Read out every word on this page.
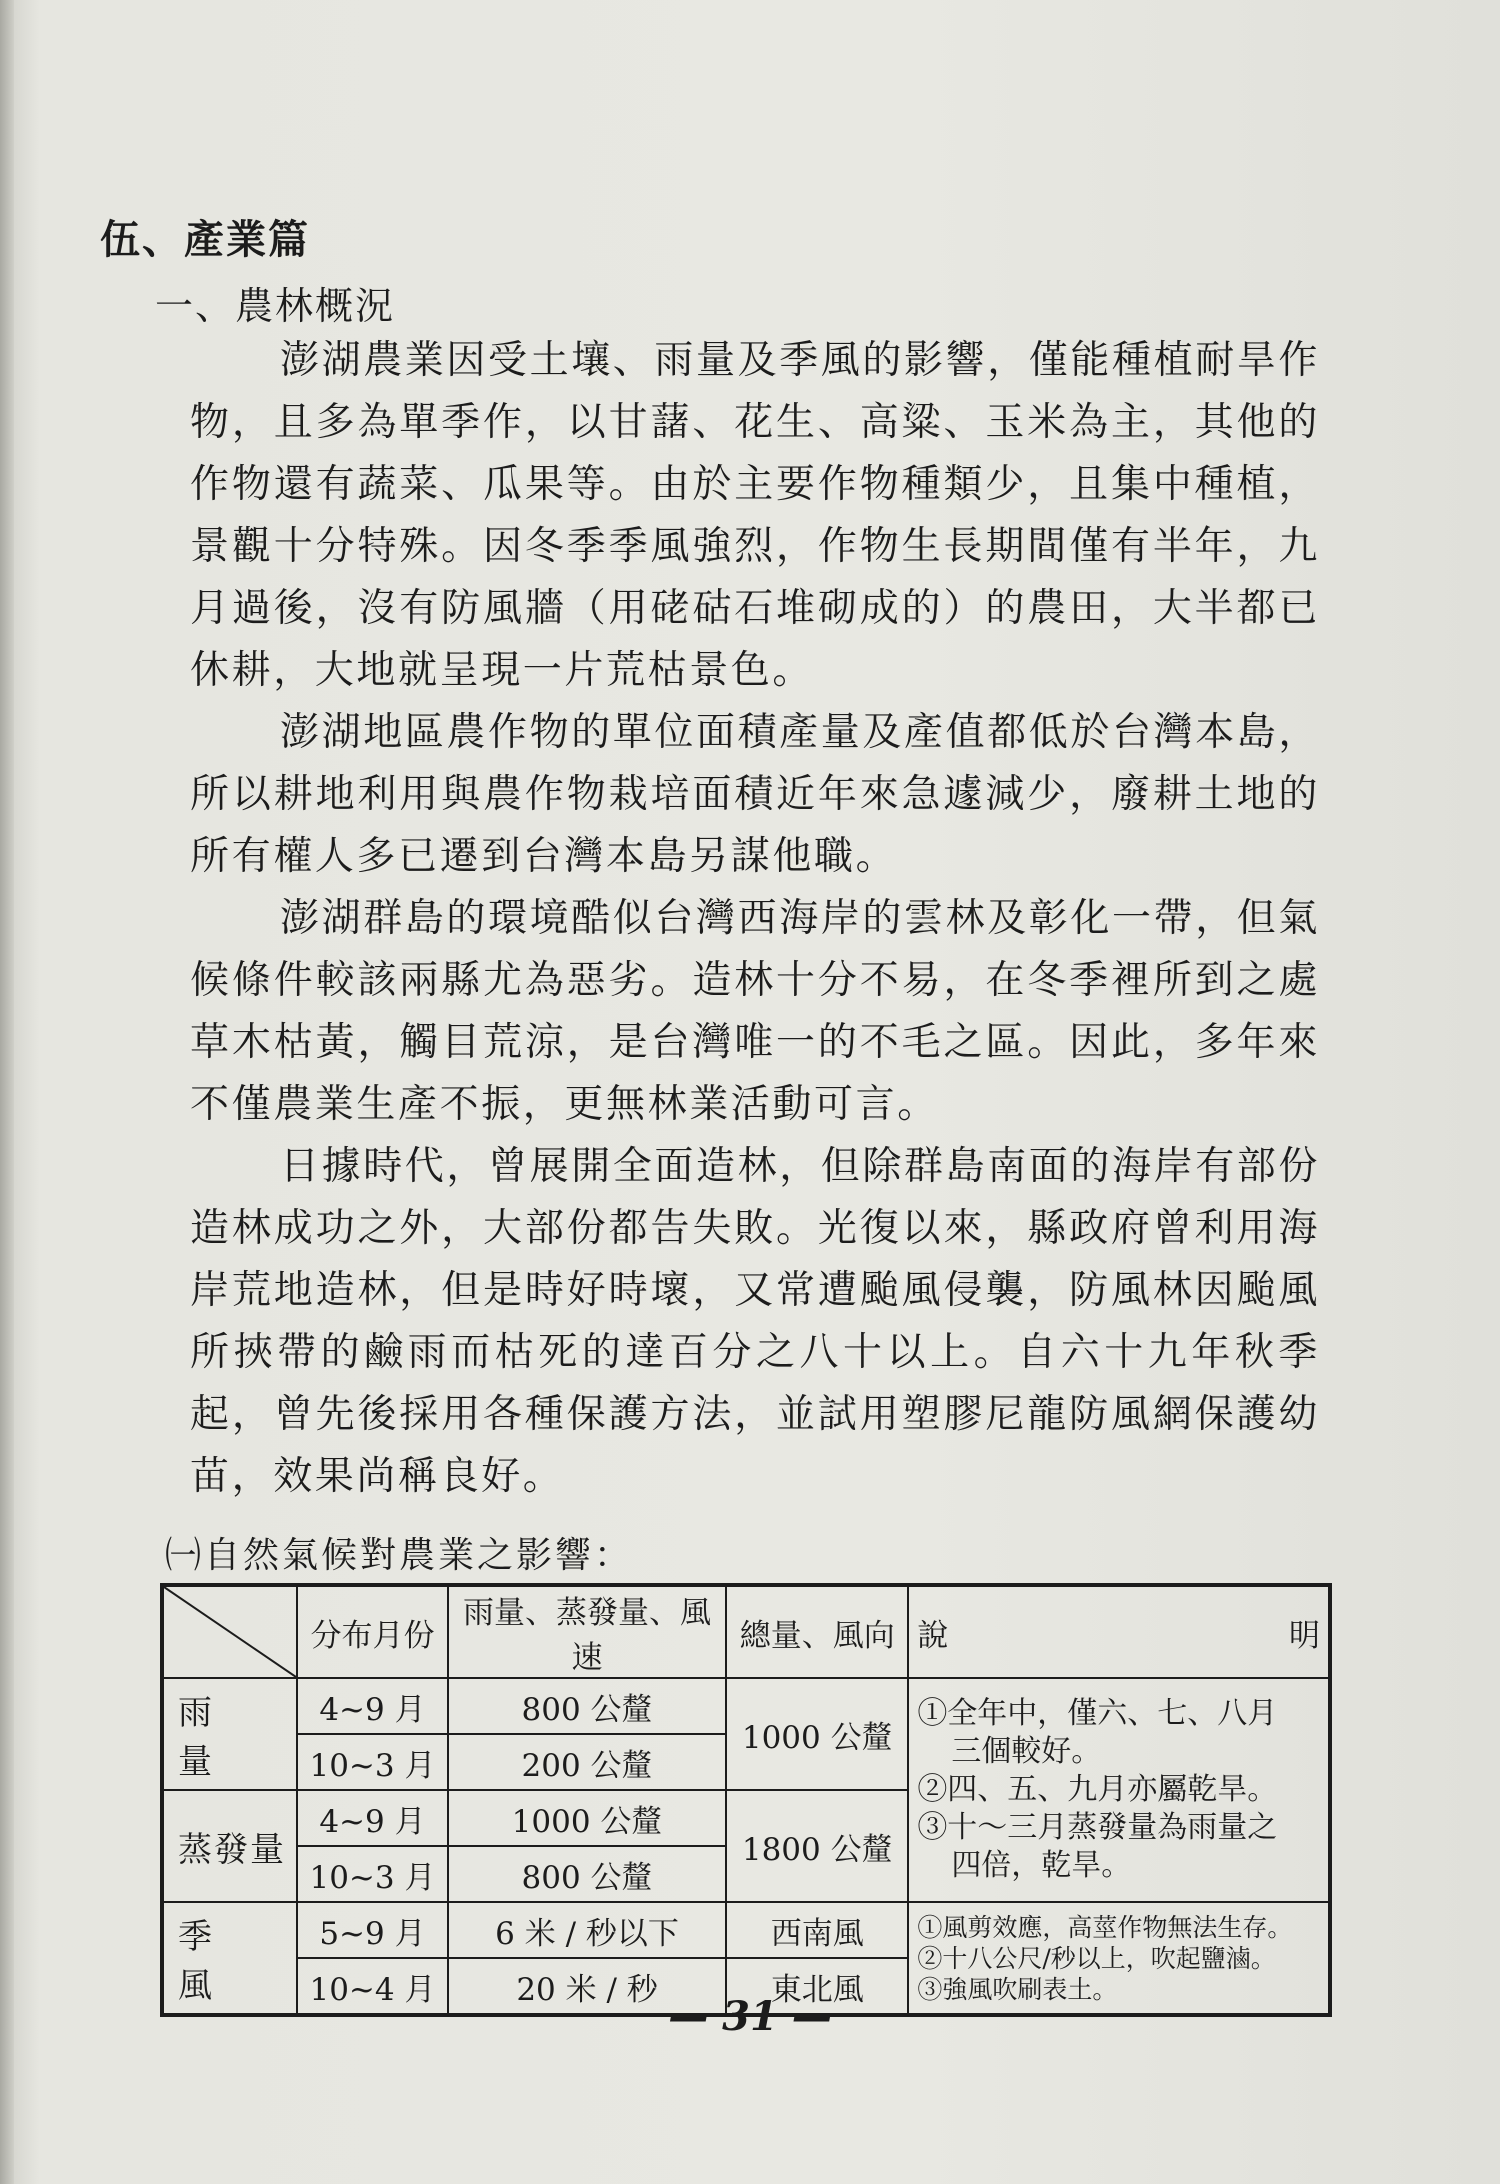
伍、產業篇
一、農林概況

澎湖農業因受土壤、雨量及季風的影響，僅能種植耐旱作物，且多為單季作，以甘藷、花生、高粱、玉米為主，其他的作物還有蔬菜、瓜果等。由於主要作物種類少，且集中種植，景觀十分特殊。因冬季季風強烈，作物生長期間僅有半年，九月過後，沒有防風牆（用硓𥑮石堆砌成的）的農田，大半都已休耕，大地就呈現一片荒枯景色。

澎湖地區農作物的單位面積產量及產值都低於台灣本島，所以耕地利用與農作物栽培面積近年來急遽減少，廢耕土地的所有權人多已遷到台灣本島另謀他職。

澎湖群島的環境酷似台灣西海岸的雲林及彰化一帶，但氣候條件較該兩縣尤為惡劣。造林十分不易，在冬季裡所到之處草木枯黃，觸目荒涼，是台灣唯一的不毛之區。因此，多年來不僅農業生產不振，更無林業活動可言。

日據時代，曾展開全面造林，但除群島南面的海岸有部份造林成功之外，大部份都告失敗。光復以來，縣政府曾利用海岸荒地造林，但是時好時壞，又常遭颱風侵襲，防風林因颱風所挾帶的鹼雨而枯死的達百分之八十以上。自六十九年秋季起，曾先後採用各種保護方法，並試用塑膠尼龍防風網保護幼苗，效果尚稱良好。

㈠自然氣候對農業之影響：
	分布月份	雨量、蒸發量、風速	總量、風向	說 明

雨　量	4~9 月	800 公釐	1000 公釐	①全年中，僅六、七、八月
三個較好。
②四、五、九月亦屬乾旱。
③十～三月蒸發量為雨量之
四倍，乾旱。

	10~3 月	200 公釐		
蒸發量	4~9 月	1000 公釐	1800 公釐	
	10~3 月	800 公釐		
季　風	5~9 月	6 米 / 秒以下	西南風	①風剪效應，高莖作物無法生存。
②十八公尺/秒以上，吹起鹽滷。
③強風吹刷表土。

	10~4 月	20 米 / 秒	東北風	
— 31 —
